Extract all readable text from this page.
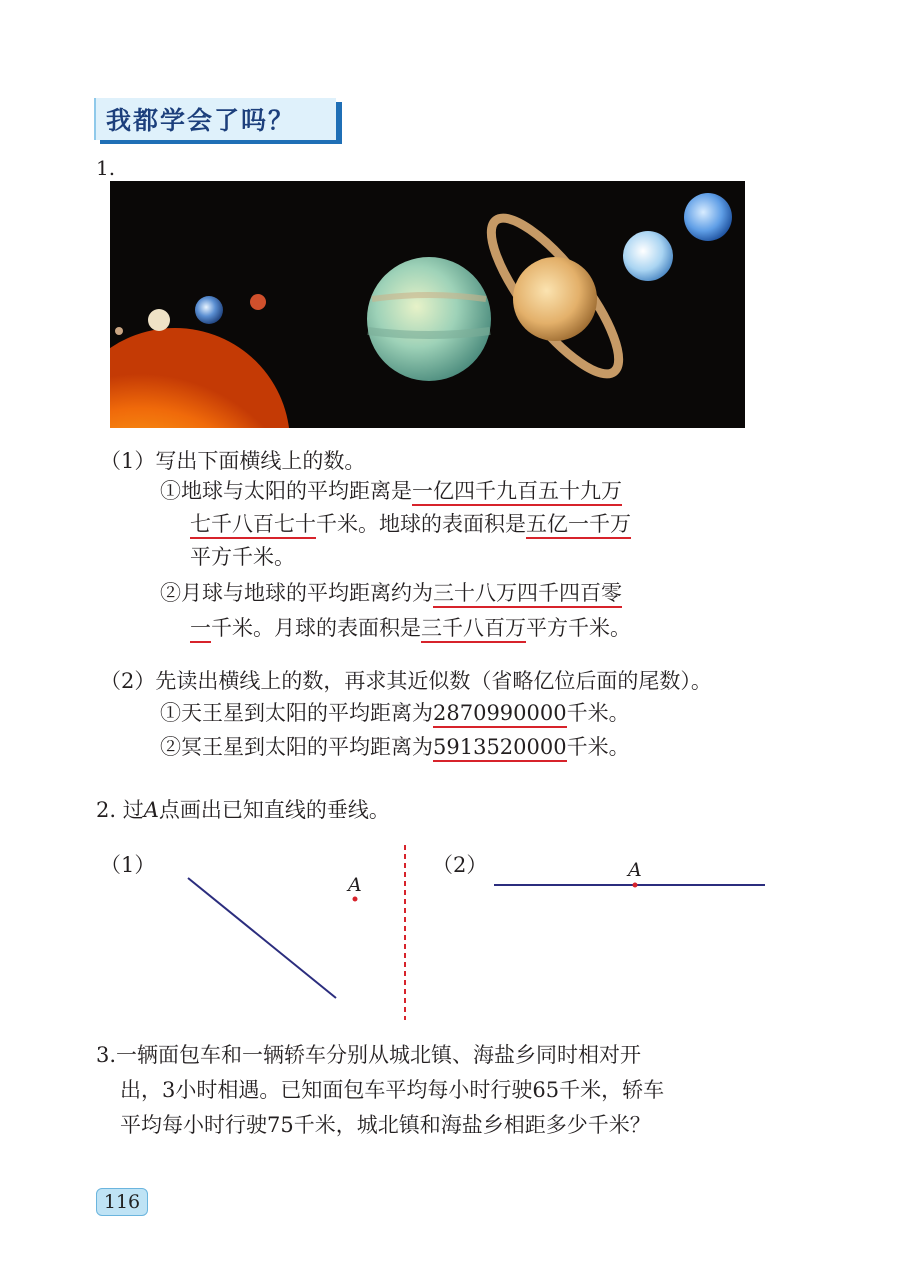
我都学会了吗？
1.
（1）写出下面横线上的数。
①地球与太阳的平均距离是一亿四千九百五十九万
七千八百七十千米。地球的表面积是五亿一千万
平方千米。
②月球与地球的平均距离约为三十八万四千四百零
一千米。月球的表面积是三千八百万平方千米。
（2）先读出横线上的数，再求其近似数（省略亿位后面的尾数）。
①天王星到太阳的平均距离为2870990000千米。
②冥王星到太阳的平均距离为5913520000千米。
2. 过A点画出已知直线的垂线。
（1）	（2）
A
A
3.一辆面包车和一辆轿车分别从城北镇、海盐乡同时相对开
出，3小时相遇。已知面包车平均每小时行驶65千米，轿车
平均每小时行驶75千米，城北镇和海盐乡相距多少千米？
116
